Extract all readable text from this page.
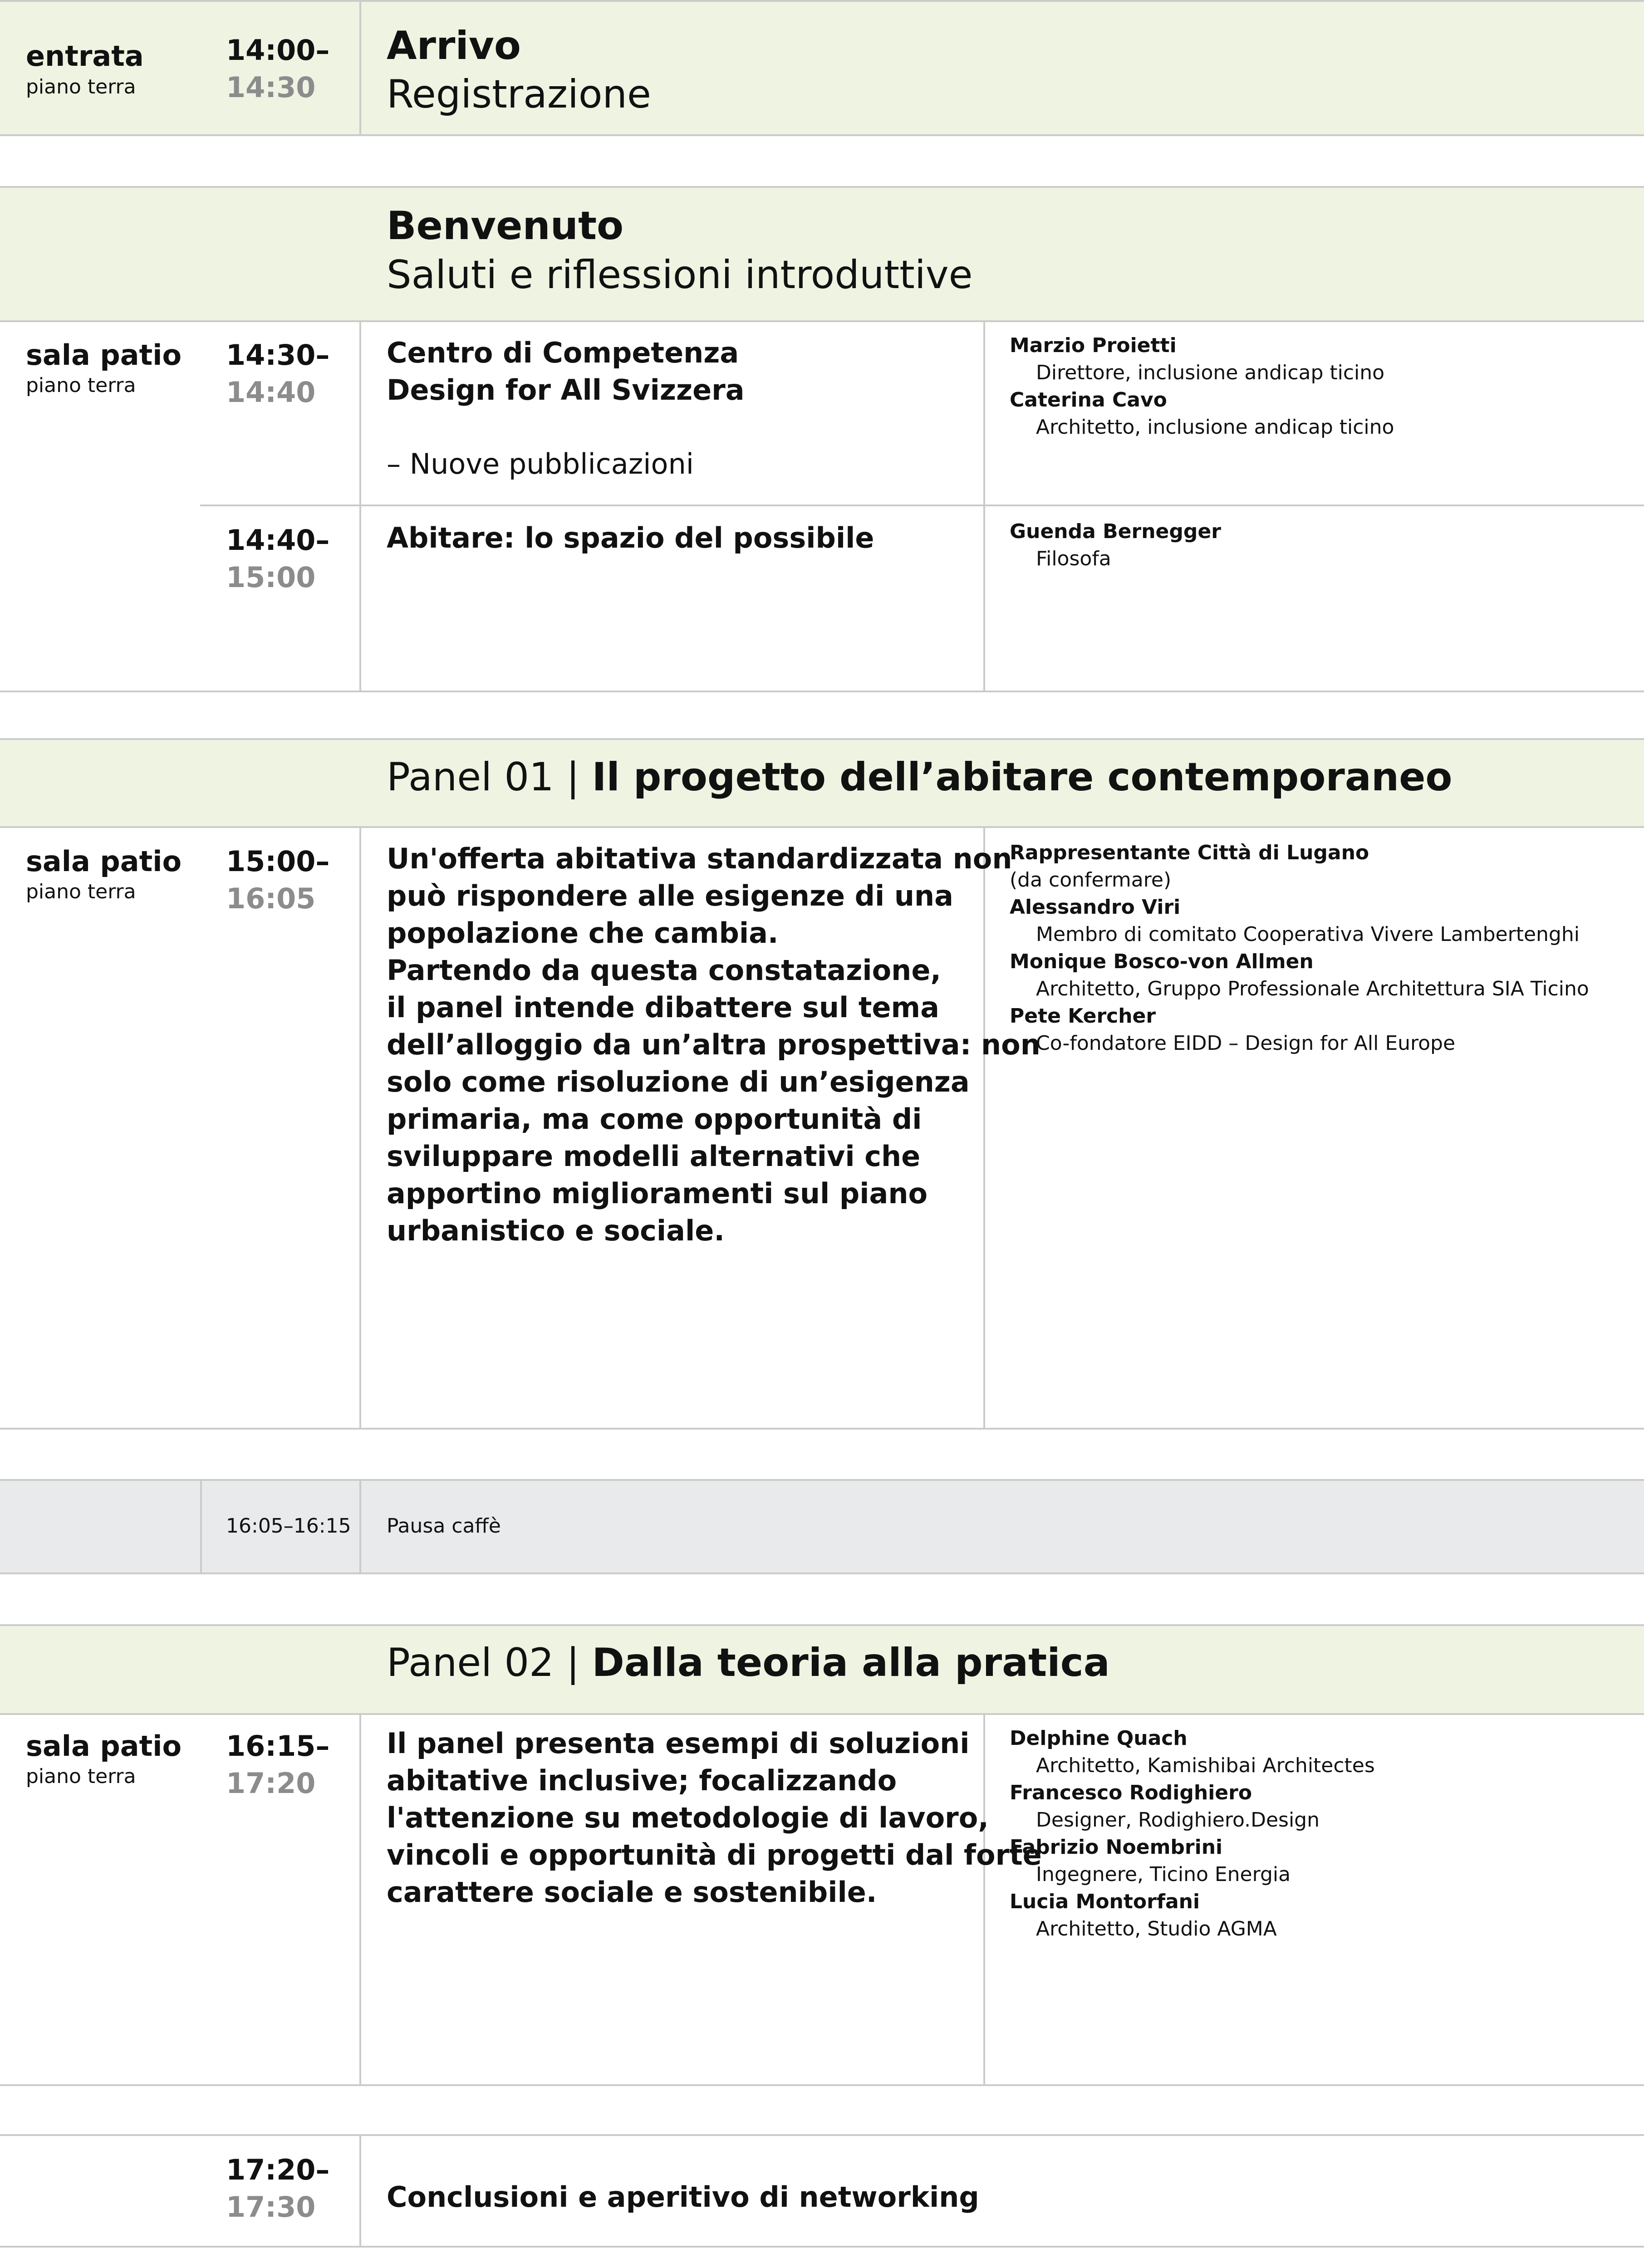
entrata
piano terra
14:00–
14:30
Arrivo
Registrazione
Benvenuto
Saluti e riflessioni introduttive
sala patio
piano terra
14:30–
14:40
Centro di Competenza
Design for All Svizzera
– Nuove pubblicazioni
Marzio Proietti
Direttore, inclusione andicap ticino
Caterina Cavo
Architetto, inclusione andicap ticino
14:40–
15:00
Abitare: lo spazio del possibile	Guenda Bernegger
Filosofa
Panel 01 | Il progetto dell’abitare contemporaneo
sala patio
piano terra
15:00–
16:05
Un'offerta abitativa standardizzata non
può rispondere alle esigenze di una
popolazione che cambia.
Partendo da questa constatazione,
il panel intende dibattere sul tema
dell’alloggio da un’altra prospettiva: non
solo come risoluzione di un’esigenza
primaria, ma come opportunità di
sviluppare modelli alternativi che
apportino miglioramenti sul piano
urbanistico e sociale.
Rappresentante Città di Lugano
(da confermare)
Alessandro Viri
Membro di comitato Cooperativa Vivere Lambertenghi
Monique Bosco-von Allmen
Architetto, Gruppo Professionale Architettura SIA Ticino
Pete Kercher
Co-fondatore EIDD – Design for All Europe
16:05–16:15 Pausa caffè
Panel 02 | Dalla teoria alla pratica
sala patio
piano terra
16:15–
17:20
Il panel presenta esempi di soluzioni
abitative inclusive; focalizzando
l'attenzione su metodologie di lavoro,
vincoli e opportunità di progetti dal forte
carattere sociale e sostenibile.
Delphine Quach
Architetto, Kamishibai Architectes
Francesco Rodighiero
Designer, Rodighiero.Design
Fabrizio Noembrini
Ingegnere, Ticino Energia
Lucia Montorfani
Architetto, Studio AGMA
17:20–
17:30	Conclusioni e aperitivo di networking
